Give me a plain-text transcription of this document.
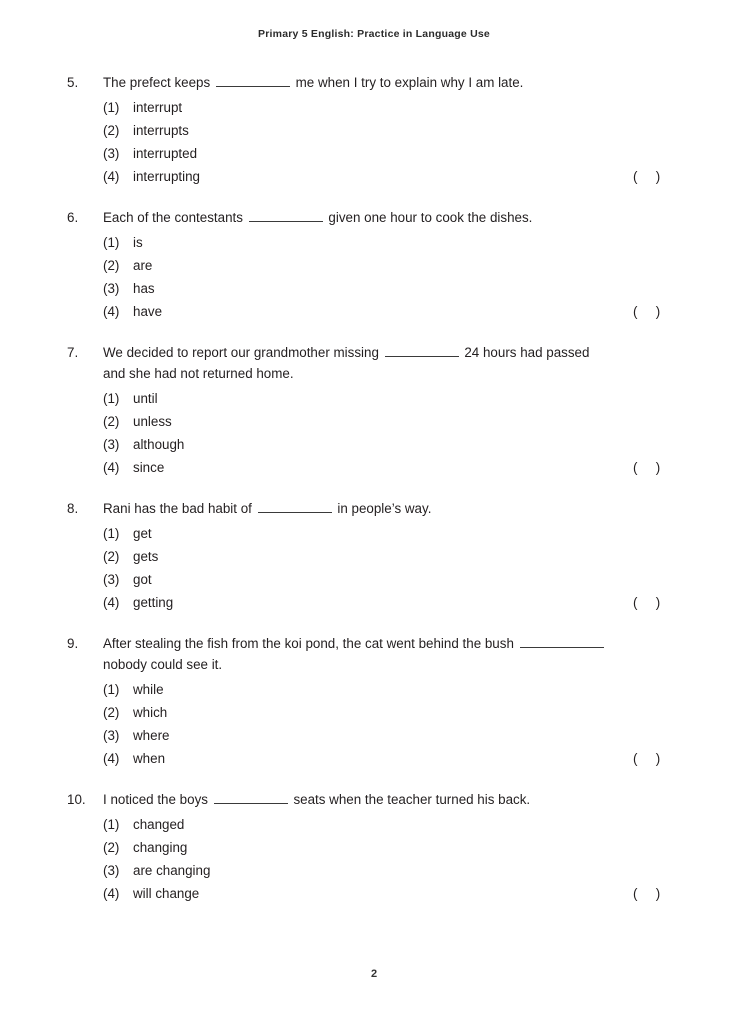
Primary 5 English: Practice in Language Use
5.	The prefect keeps	me when I try to explain why I am late.
(1)	interrupt
(2)	interrupts
(3)	interrupted
(4)	interrupting	(    )
6.	Each of the contestants	given one hour to cook the dishes.
(1)	is
(2)	are
(3)	has
(4)	have	(    )
7.	We decided to report our grandmother missing	24 hours had passed
and she had not returned home.
(1)	until
(2)	unless
(3)	although
(4)	since	(    )
8.	Rani has the bad habit of	in people’s way.
(1)	get
(2)	gets
(3)	got
(4)	getting	(    )
9.	After stealing the fish from the koi pond, the cat went behind the bush
nobody could see it.
(1)	while
(2)	which
(3)	where
(4)	when	(    )
10.	I noticed the boys	seats when the teacher turned his back.
(1)	changed
(2)	changing
(3)	are changing
(4)	will change	(    )
2
